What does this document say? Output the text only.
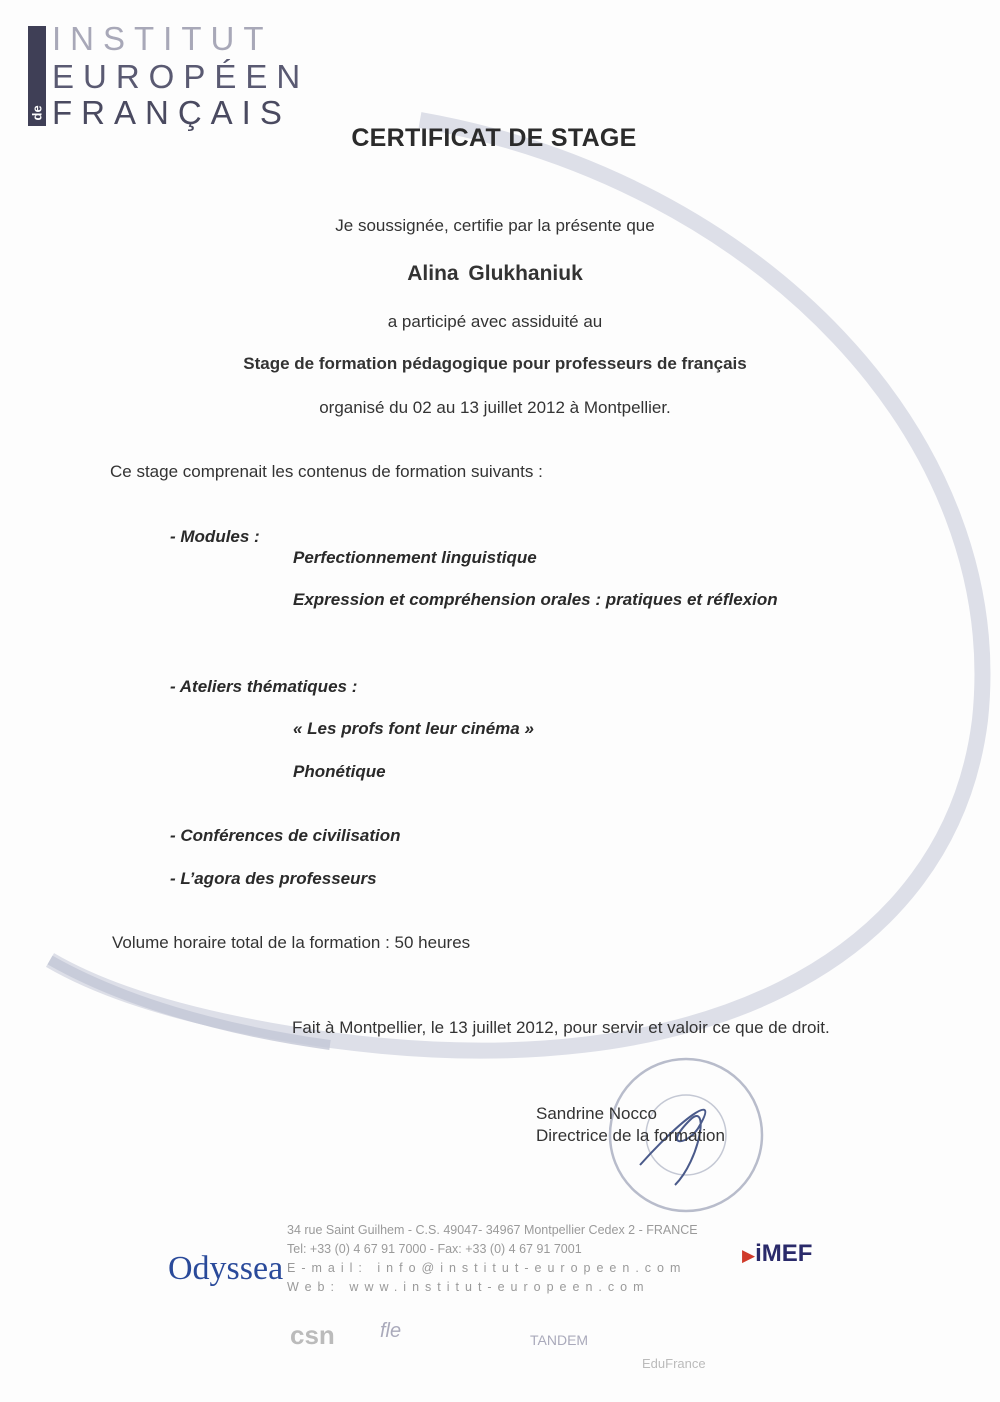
de
INSTITUT
EUROPÉEN
FRANÇAIS
CERTIFICAT DE STAGE
Je soussignée, certifie par la présente que
Alina Glukhaniuk
a participé avec assiduité au
Stage de formation pédagogique pour professeurs de français
organisé du 02 au 13 juillet 2012 à Montpellier.
Ce stage comprenait les contenus de formation suivants :
- Modules :
Perfectionnement linguistique
Expression et compréhension orales : pratiques et réflexion
- Ateliers thématiques :
« Les profs font leur cinéma »
Phonétique
- Conférences de civilisation
- L’agora des professeurs
Volume horaire total de la formation : 50 heures
Fait à Montpellier, le 13 juillet 2012, pour servir et valoir ce que de droit.
Sandrine Nocco
Directrice de la formation
Odyssea
34 rue Saint Guilhem - C.S. 49047- 34967 Montpellier Cedex 2 - FRANCE
Tel: +33 (0) 4 67 91 7000 - Fax: +33 (0) 4 67 91 7001
E-mail: info@institut-europeen.com
Web: www.institut-europeen.com
▶iMEF
csn fle	TANDEM
EduFrance
